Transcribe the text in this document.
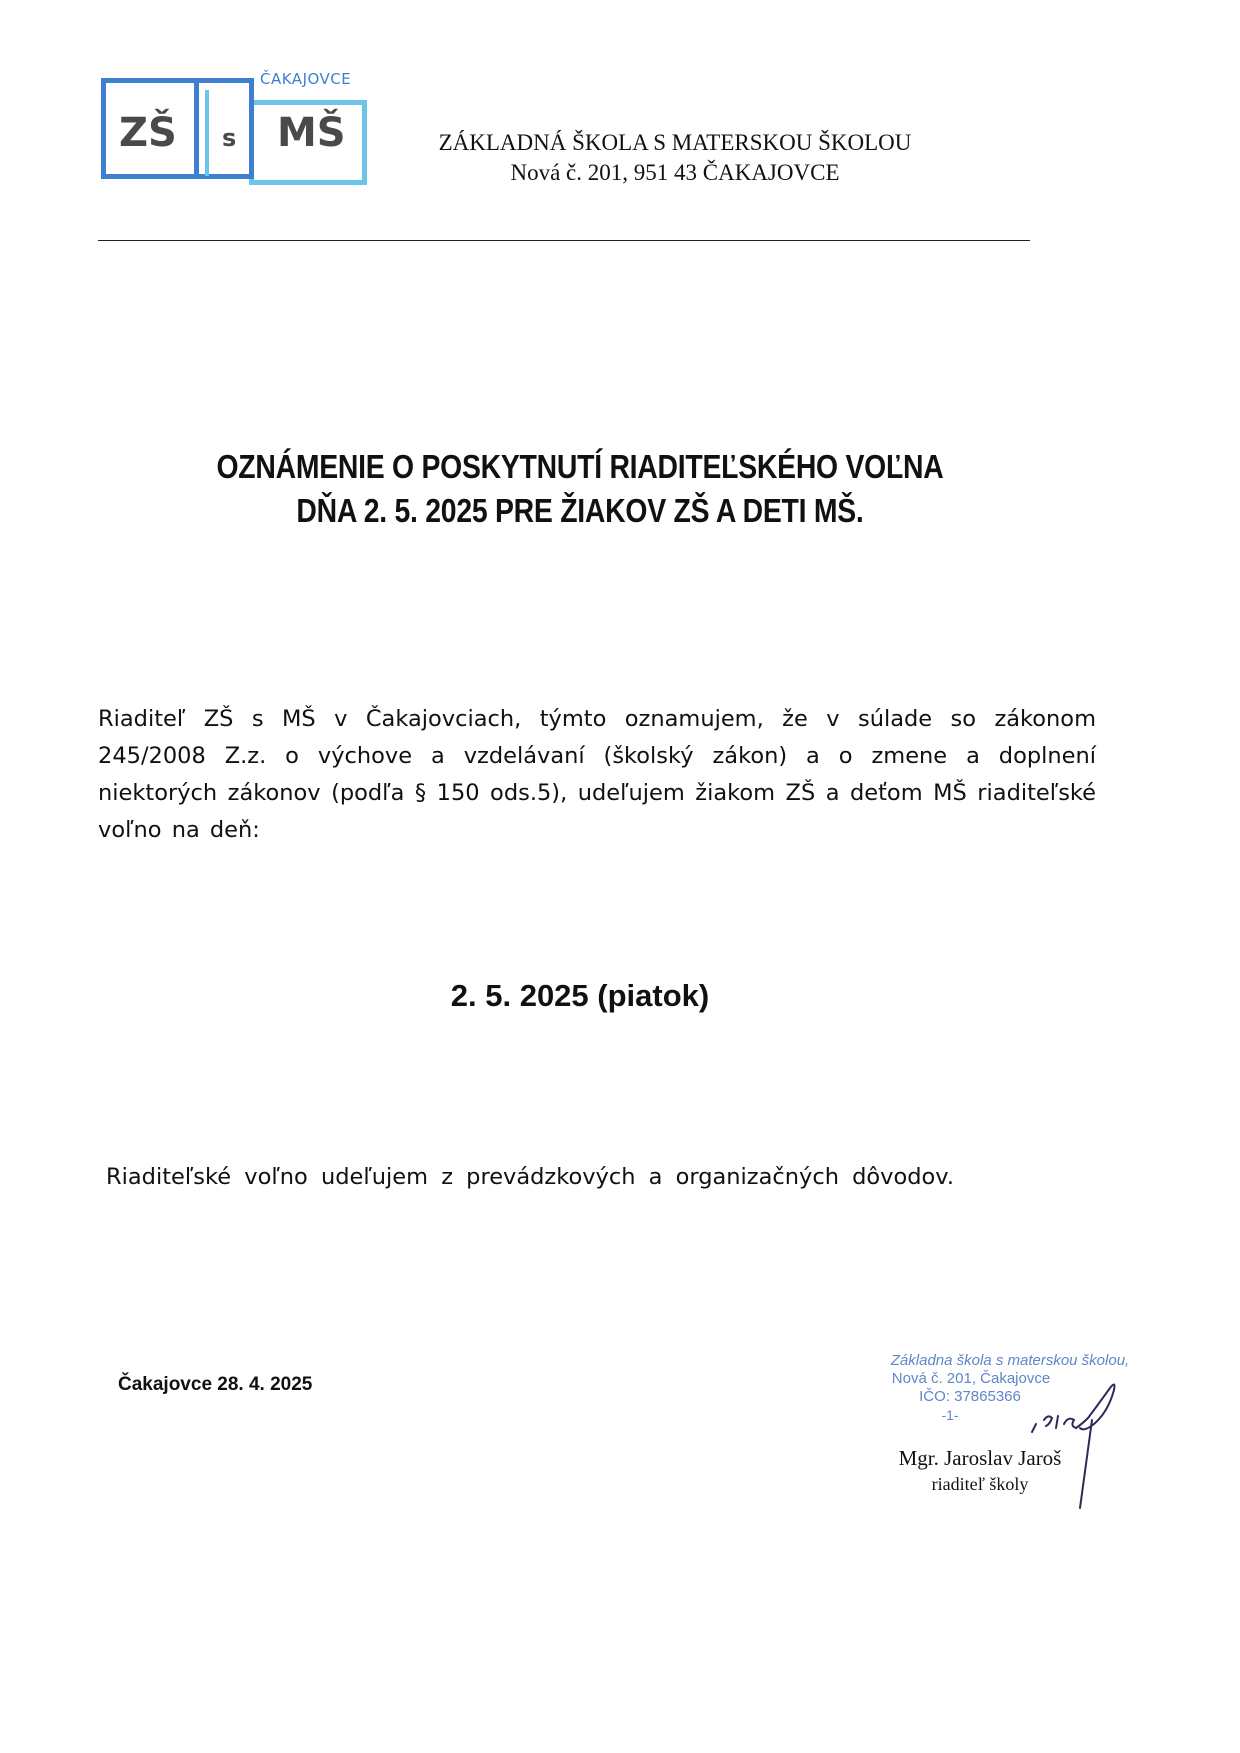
ČAKAJOVCE
ZŠ s MŠ	ZÁKLADNÁ ŠKOLA S MATERSKOU ŠKOLOU
Nová č. 201, 951 43 ČAKAJOVCE
OZNÁMENIE O POSKYTNUTÍ RIADITEĽSKÉHO VOĽNA
DŇA 2. 5. 2025 PRE ŽIAKOV ZŠ A DETI MŠ.
Riaditeľ ZŠ s MŠ v Čakajovciach, týmto oznamujem, že v súlade so zákonom 245/2008 Z.z. o výchove a vzdelávaní (školský zákon) a o zmene a doplnení niektorých zákonov (podľa § 150 ods.5), udeľujem žiakom ZŠ a deťom MŠ riaditeľské voľno na deň:
2. 5. 2025 (piatok)
Riaditeľské voľno udeľujem z prevádzkových a organizačných dôvodov.
Čakajovce 28. 4. 2025
Základna škola s materskou školou,
Nová č. 201, Čakajovce
IČO: 37865366
-1-
Mgr. Jaroslav Jaroš
riaditeľ školy
